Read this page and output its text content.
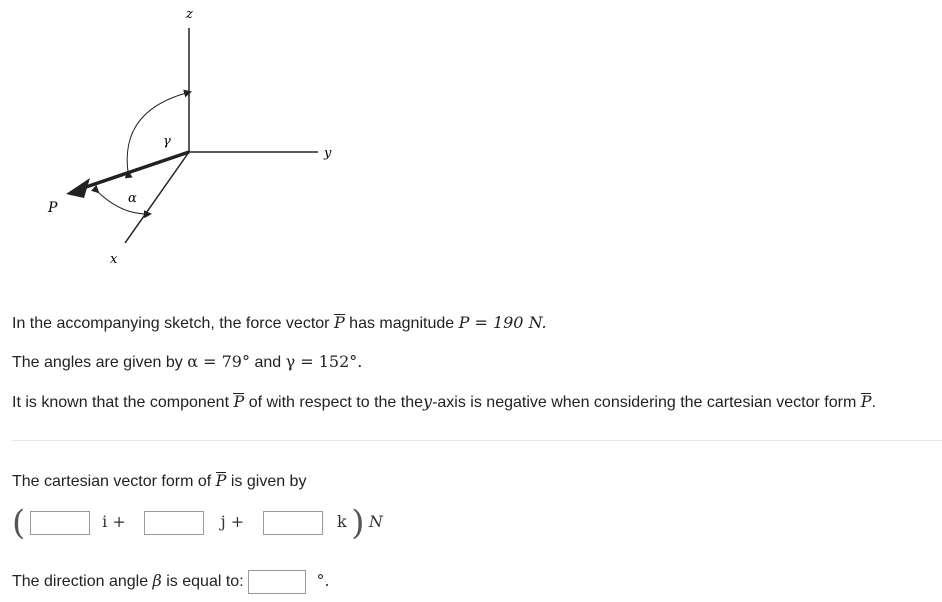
z
y
x
P
γ
α
In the accompanying sketch, the force vector P has magnitude P = 190 N.
The angles are given by α = 79° and γ = 152°.
It is known that the component P of with respect to the they-axis is negative when considering the cartesian vector form P.
The cartesian vector form of P is given by
(	i +	j +	k ) N
The direction angle β is equal to:	°.
